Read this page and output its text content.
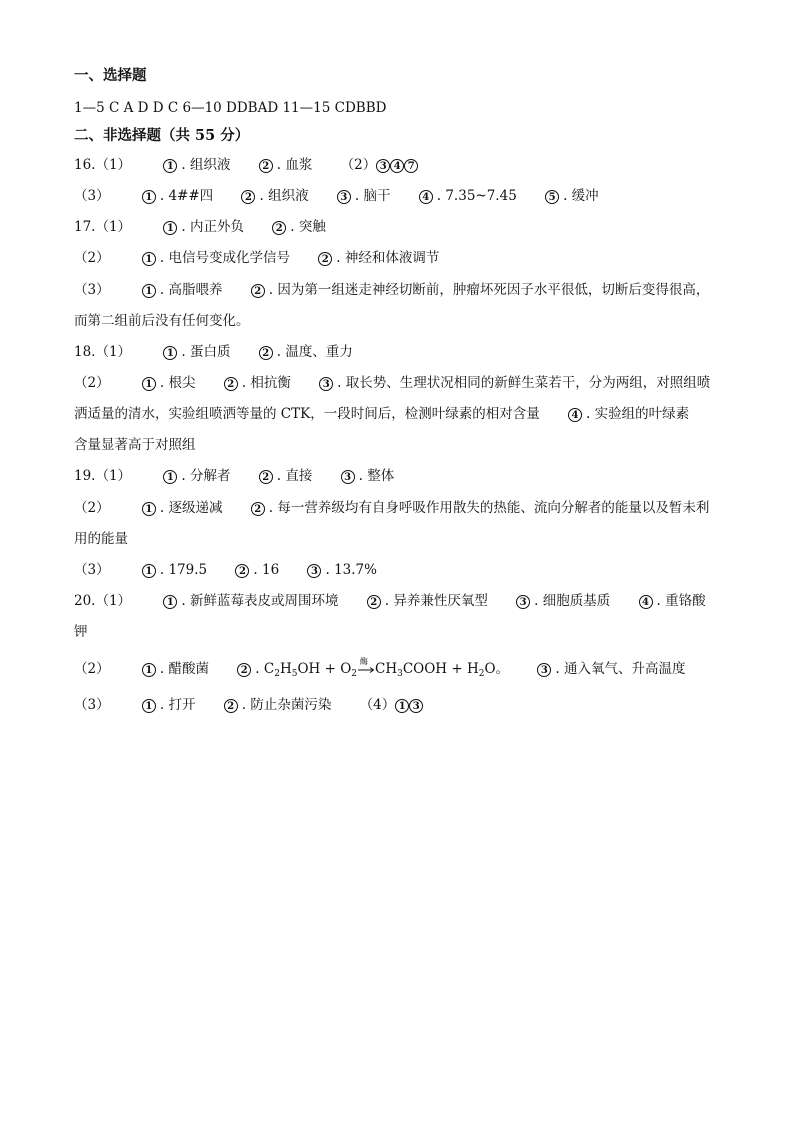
一、选择题
1—5 C A D D C 6—10 DDBAD 11—15 CDBBD
二、非选择题（共 55 分）
16.（1）	1 . 组织液	2 . 血浆 （2） 3 4 7
（3）	1 . 4##四	2 . 组织液	3 . 脑干	4 . 7.35~7.45	5 . 缓冲
17.（1）	1 . 内正外负	2 . 突触
（2）	1 . 电信号变成化学信号	2 . 神经和体液调节
（3）	1 . 高脂喂养	2 . 因为第一组迷走神经切断前，肿瘤坏死因子水平很低，切断后变得很高，
而第二组前后没有任何变化。
18.（1）	1 . 蛋白质	2 . 温度、重力
（2）	1 . 根尖	2 . 相抗衡	3 . 取长势、生理状况相同的新鲜生菜若干，分为两组，对照组喷
洒适量的清水，实验组喷洒等量的 CTK，一段时间后，检测叶绿素的相对含量	4 . 实验组的叶绿素
含量显著高于对照组
19.（1）	1 . 分解者	2 . 直接	3 . 整体
（2）	1 . 逐级递减	2 . 每一营养级均有自身呼吸作用散失的热能、流向分解者的能量以及暂未利
用的能量
（3）	1 . 179.5	2 . 16	3 . 13.7%
20.（1）	1 . 新鲜蓝莓表皮或周围环境	2 . 异养兼性厌氧型	3 . 细胞质基质	4 . 重铬酸
钾
（2）	1 . 醋酸菌	2 . $C_2H_5OH + O_2$
酶 $CH_3COOH + H_2O$。	3 . 通入氧气、升高温度
（3）	1 . 打开	2 . 防止杂菌污染 （4） 1 3
